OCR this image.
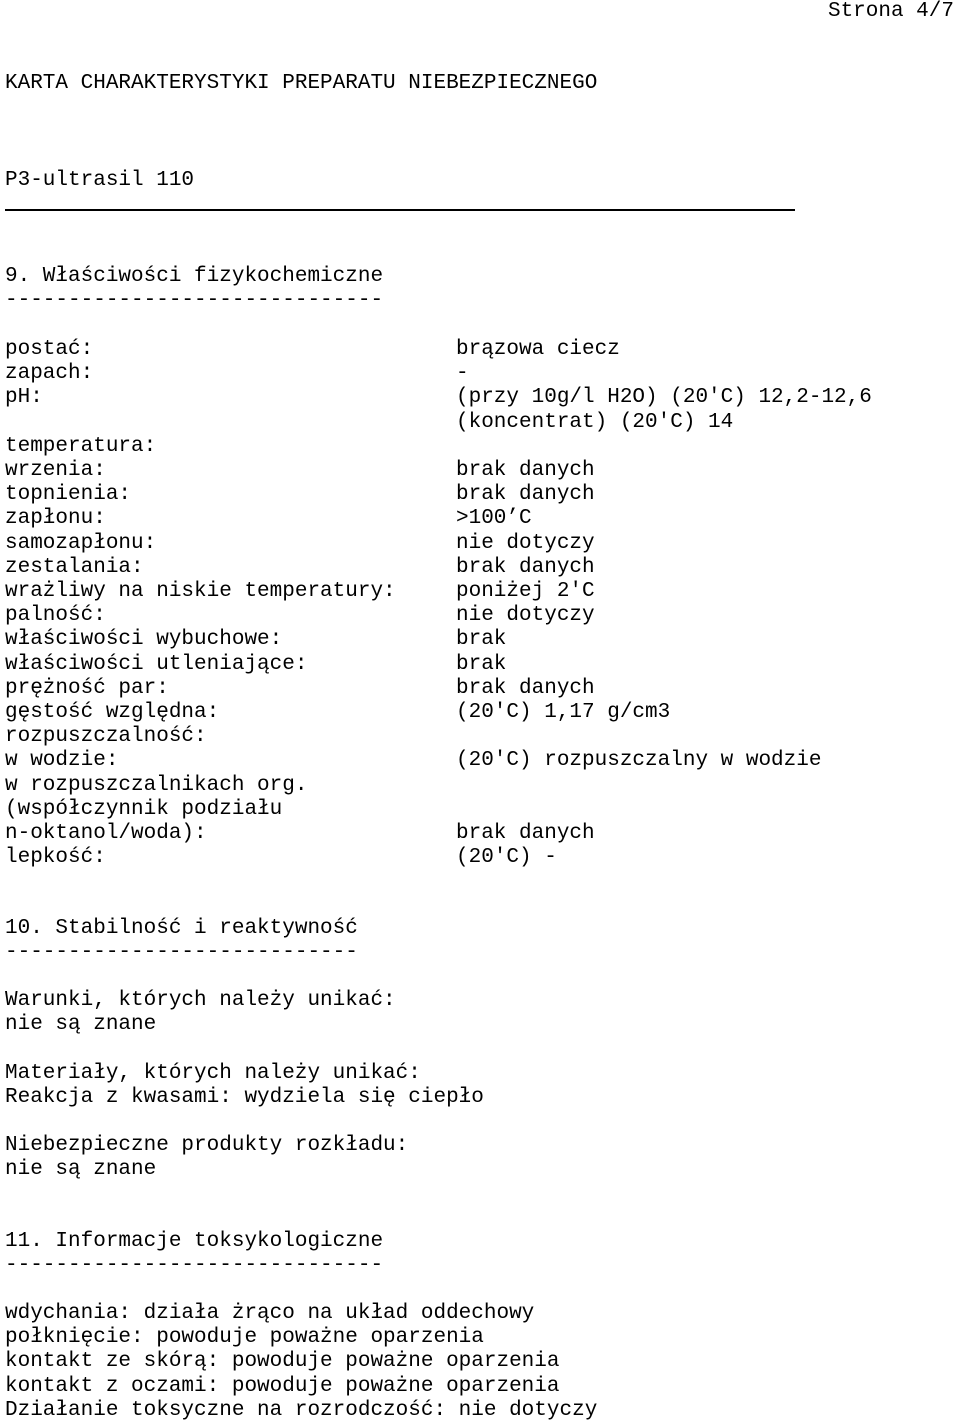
Strona 4/7
KARTA CHARAKTERYSTYKI PREPARATU NIEBEZPIECZNEGO
P3-ultrasil 110
9. Właściwości fizykochemiczne
------------------------------
postać:	brązowa ciecz
zapach:	-
pH:	(przy 10g/l H2O) (20'C) 12,2-12,6
(koncentrat) (20'C) 14
temperatura:
wrzenia:	brak danych
topnienia:	brak danych
zapłonu:	>100’C
samozapłonu:	nie dotyczy
zestalania:	brak danych
wrażliwy na niskie temperatury:	poniżej 2'C
palność:	nie dotyczy
właściwości wybuchowe:	brak
właściwości utleniające:	brak
prężność par:	brak danych
gęstość względna:	(20'C) 1,17 g/cm3
rozpuszczalność:
w wodzie:	(20'C) rozpuszczalny w wodzie
w rozpuszczalnikach org.
(współczynnik podziału
n-oktanol/woda):	brak danych
lepkość:	(20'C) -
10. Stabilność i reaktywność
----------------------------
Warunki, których należy unikać:
nie są znane
Materiały, których należy unikać:
Reakcja z kwasami: wydziela się ciepło
Niebezpieczne produkty rozkładu:
nie są znane
11. Informacje toksykologiczne
------------------------------
wdychania: działa żrąco na układ oddechowy
połknięcie: powoduje poważne oparzenia
kontakt ze skórą: powoduje poważne oparzenia
kontakt z oczami: powoduje poważne oparzenia
Działanie toksyczne na rozrodczość: nie dotyczy
